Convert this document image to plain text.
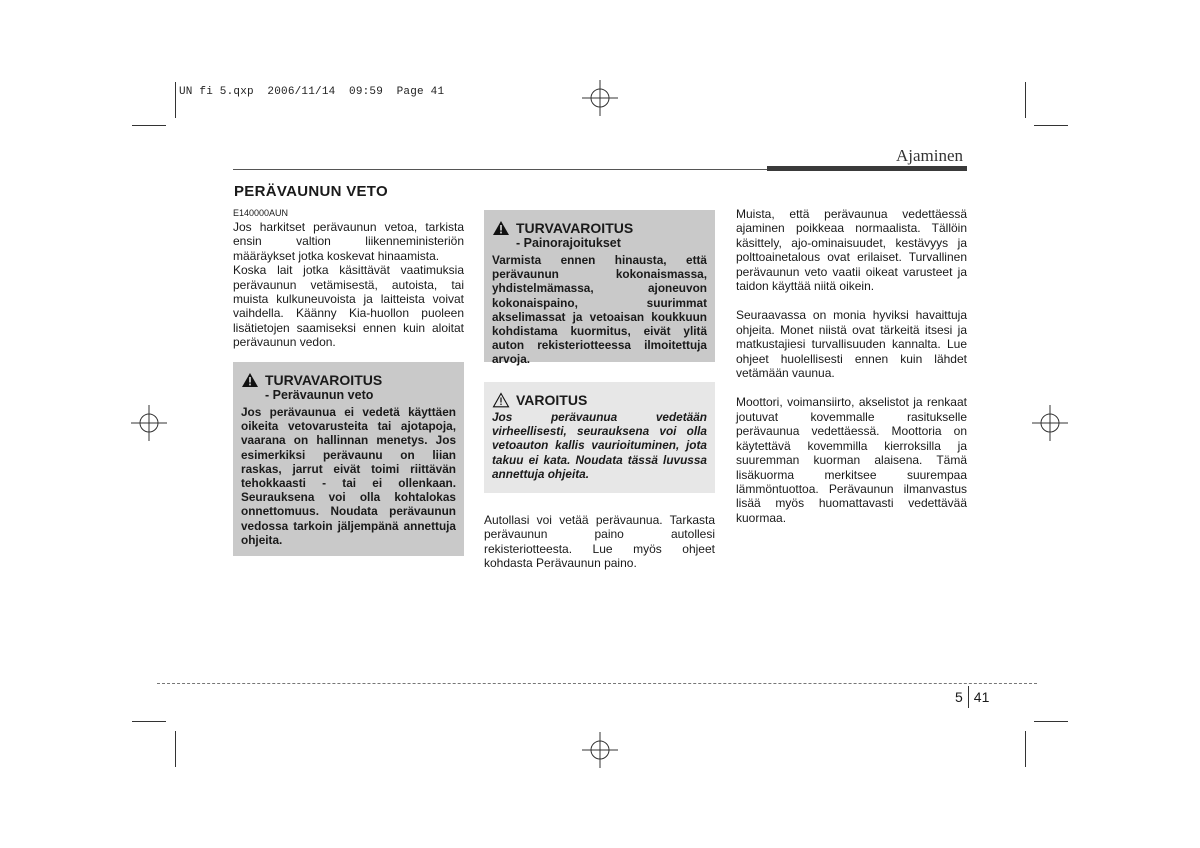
UN fi 5.qxp  2006/11/14  09:59  Page 41
Ajaminen
PERÄVAUNUN VETO
E140000AUN

Jos harkitset perävaunun vetoa, tarkista ensin valtion liikenneministeriön määräykset jotka koskevat hinaamista.

Koska lait jotka käsittävät vaatimuksia perävaunun vetämisestä, autoista, tai muista kulkuneuvoista ja laitteista voivat vaihdella. Käänny Kia-huollon puoleen lisätietojen saamiseksi ennen kuin aloitat perävaunun vedon.

TURVAVAROITUS
- Perävaunun veto
Jos perävaunua ei vedetä käyttäen oikeita vetovarusteita tai ajotapoja, vaarana on hallinnan menetys. Jos esimerkiksi perävaunu on liian raskas, jarrut eivät toimi riittävän tehokkaasti - tai ei ollenkaan. Seurauksena voi olla kohtalokas onnettomuus. Noudata perävaunun vedossa tarkoin jäljempänä annettuja ohjeita.
TURVAVAROITUS
- Painorajoitukset
Varmista ennen hinausta, että perävaunun kokonaismassa, yhdistelmämassa, ajoneuvon kokonaispaino, suurimmat akselimassat ja vetoaisan koukkuun kohdistama kuormitus, eivät ylitä auton rekisteriotteessa ilmoitettuja arvoja.
VAROITUS
Jos perävaunua vedetään virheellisesti, seurauksena voi olla vetoauton kallis vaurioituminen, jota takuu ei kata. Noudata tässä luvussa annettuja ohjeita.

Autollasi voi vetää perävaunua. Tarkasta perävaunun paino autollesi rekisteriotteesta. Lue myös ohjeet kohdasta Perävaunun paino.

Muista, että perävaunua vedettäessä ajaminen poikkeaa normaalista. Tällöin käsittely, ajo-ominaisuudet, kestävyys ja polttoainetalous ovat erilaiset. Turvallinen perävaunun veto vaatii oikeat varusteet ja taidon käyttää niitä oikein.

Seuraavassa on monia hyviksi havaittuja ohjeita. Monet niistä ovat tärkeitä itsesi ja matkustajiesi turvallisuuden kannalta. Lue ohjeet huolellisesti ennen kuin lähdet vetämään vaunua.

Moottori, voimansiirto, akselistot ja renkaat joutuvat kovemmalle rasitukselle perävaunua vedettäessä. Moottoria on käytettävä kovemmilla kierroksilla ja suuremman kuorman alaisena. Tämä lisäkuorma merkitsee suurempaa lämmöntuottoa. Perävaunun ilmanvastus lisää myös huomattavasti vedettävää kuormaa.

5 41
